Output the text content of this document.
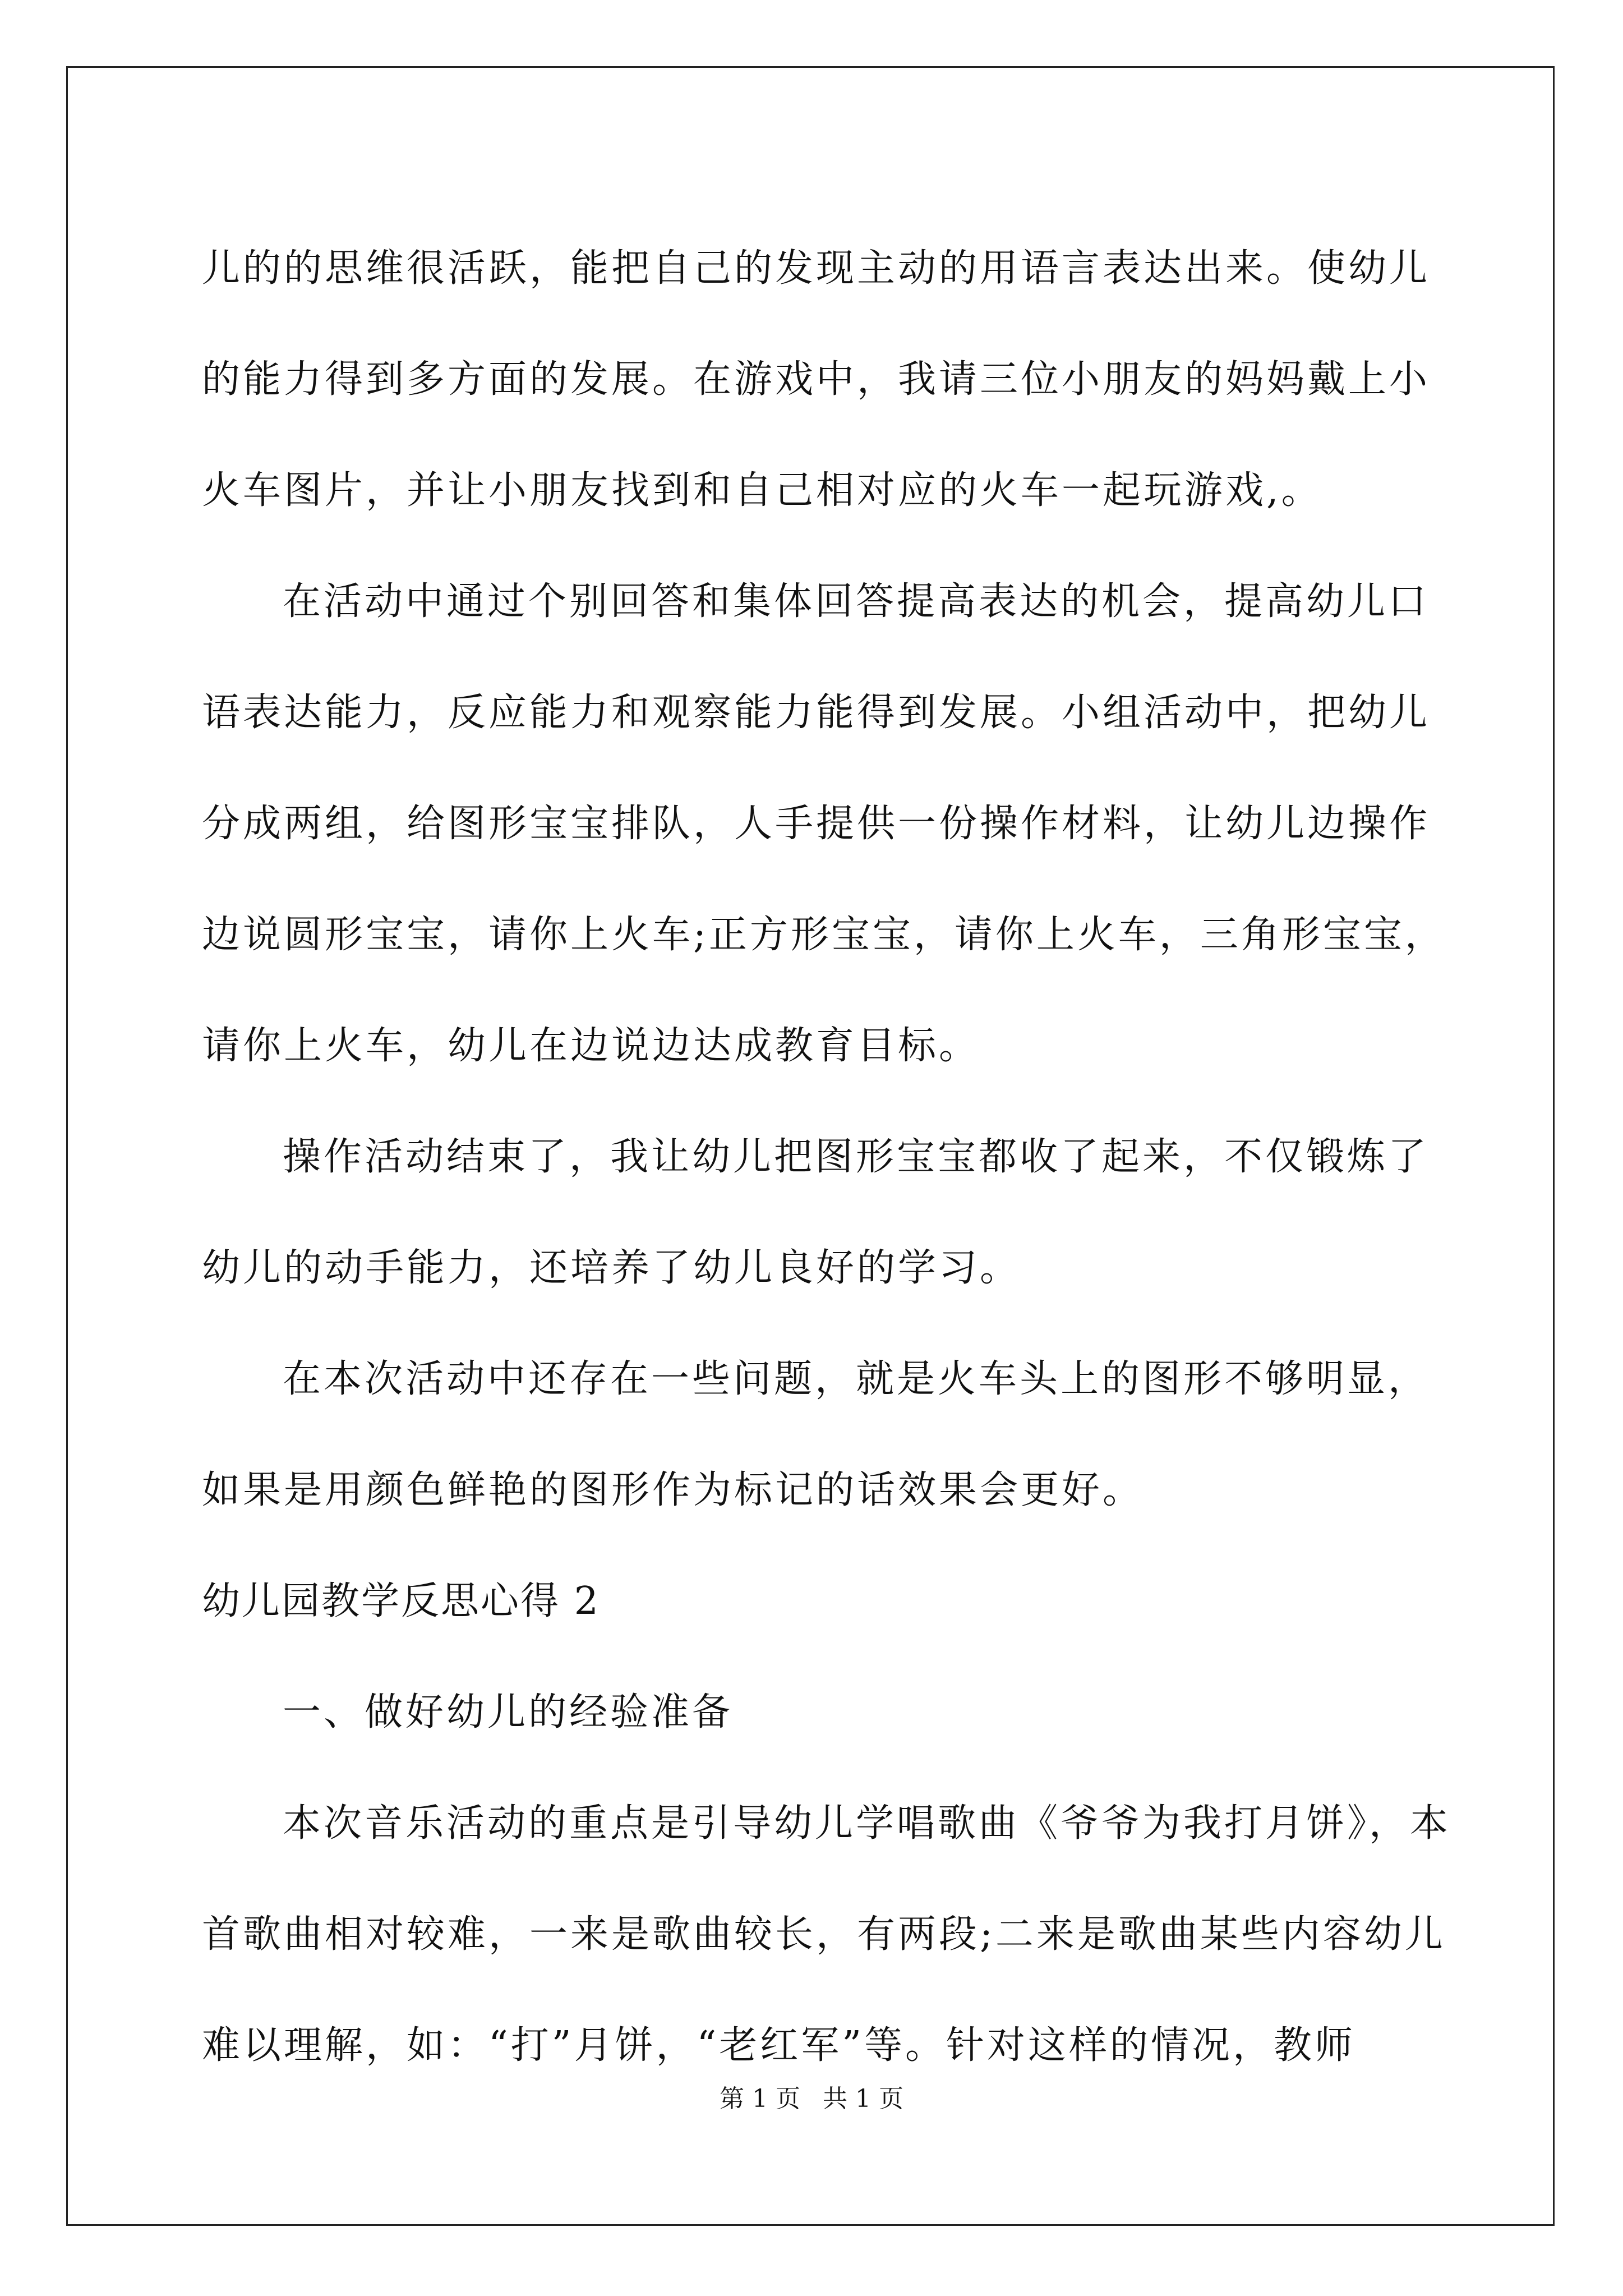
儿的的思维很活跃，能把自己的发现主动的用语言表达出来。使幼儿
的能力得到多方面的发展。在游戏中，我请三位小朋友的妈妈戴上小
火车图片，并让小朋友找到和自己相对应的火车一起玩游戏,。
在活动中通过个别回答和集体回答提高表达的机会，提高幼儿口
语表达能力，反应能力和观察能力能得到发展。小组活动中，把幼儿
分成两组，给图形宝宝排队，人手提供一份操作材料，让幼儿边操作
边说圆形宝宝，请你上火车;正方形宝宝，请你上火车，三角形宝宝，
请你上火车，幼儿在边说边达成教育目标。
操作活动结束了，我让幼儿把图形宝宝都收了起来，不仅锻炼了
幼儿的动手能力，还培养了幼儿良好的学习。
在本次活动中还存在一些问题，就是火车头上的图形不够明显，
如果是用颜色鲜艳的图形作为标记的话效果会更好。
幼儿园教学反思心得 2
一、做好幼儿的经验准备
本次音乐活动的重点是引导幼儿学唱歌曲《爷爷为我打月饼》，本
首歌曲相对较难，一来是歌曲较长，有两段;二来是歌曲某些内容幼儿
难以理解，如：“打”月饼，“老红军”等。针对这样的情况，教师
第 1 页 共 1 页
